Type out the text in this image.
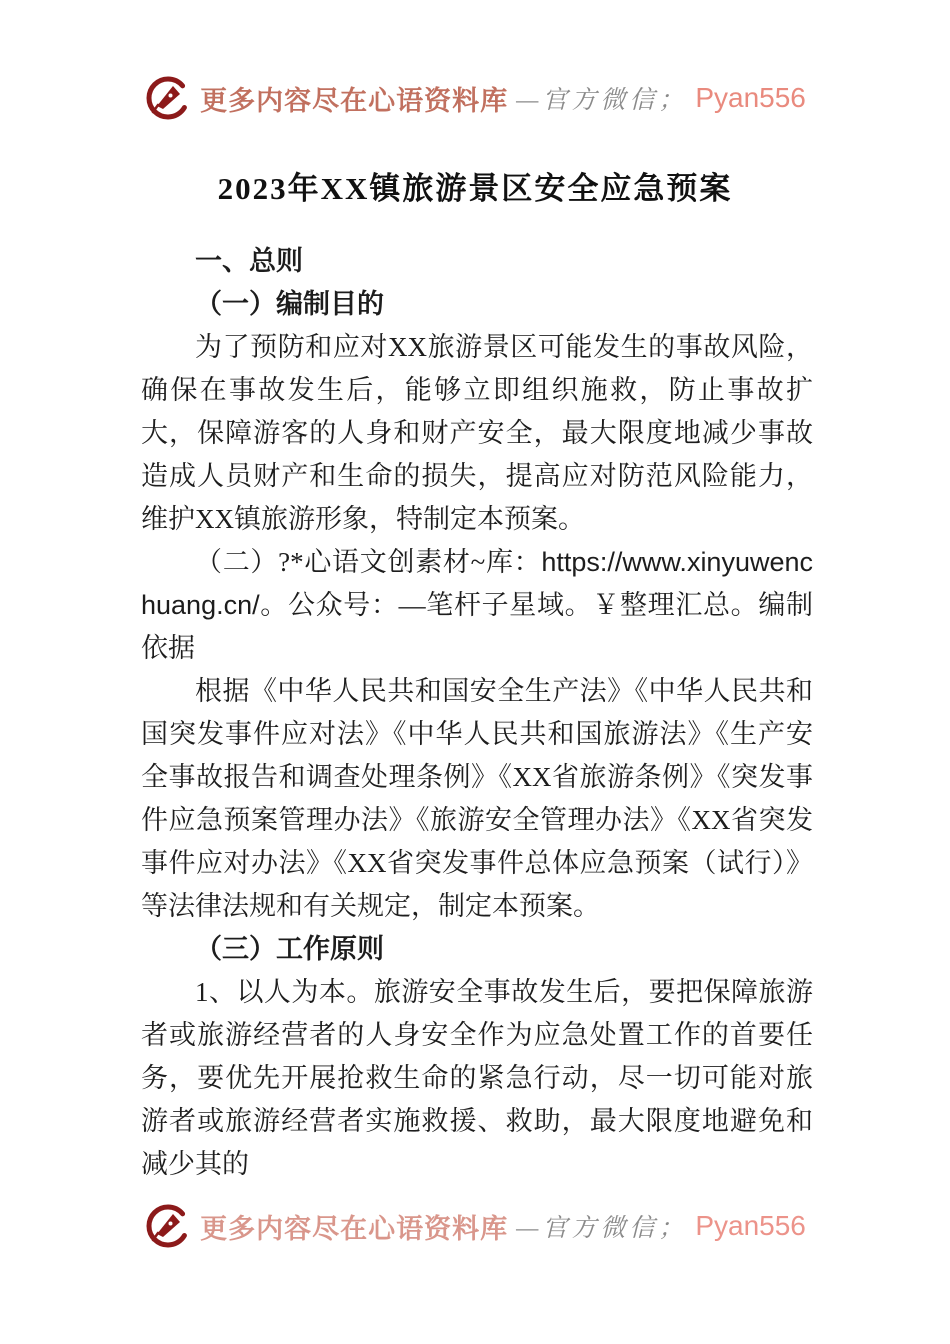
更多内容尽在心语资料库 —官方微信； Pyan556
2023年XX镇旅游景区安全应急预案

一、总则

（一）编制目的

为了预防和应对XX旅游景区可能发生的事故风险，确保在事故发生后，能够立即组织施救，防止事故扩大，保障游客的人身和财产安全，最大限度地减少事故造成人员财产和生命的损失，提高应对防范风险能力，维护XX镇旅游形象，特制定本预案。

（二）?*心语文创素材~库：https://www.xinyuwenchuang.cn/。公众号：—笔杆子星域。￥整理汇总。编制依据

根据《中华人民共和国安全生产法》《中华人民共和国突发事件应对法》《中华人民共和国旅游法》《生产安全事故报告和调查处理条例》《XX省旅游条例》《突发事件应急预案管理办法》《旅游安全管理办法》《XX省突发事件应对办法》《XX省突发事件总体应急预案（试行）》等法律法规和有关规定，制定本预案。

（三）工作原则

1、以人为本。旅游安全事故发生后，要把保障旅游者或旅游经营者的人身安全作为应急处置工作的首要任务，要优先开展抢救生命的紧急行动，尽一切可能对旅游者或旅游经营者实施救援、救助，最大限度地避免和减少其的

更多内容尽在心语资料库 —官方微信； Pyan556
